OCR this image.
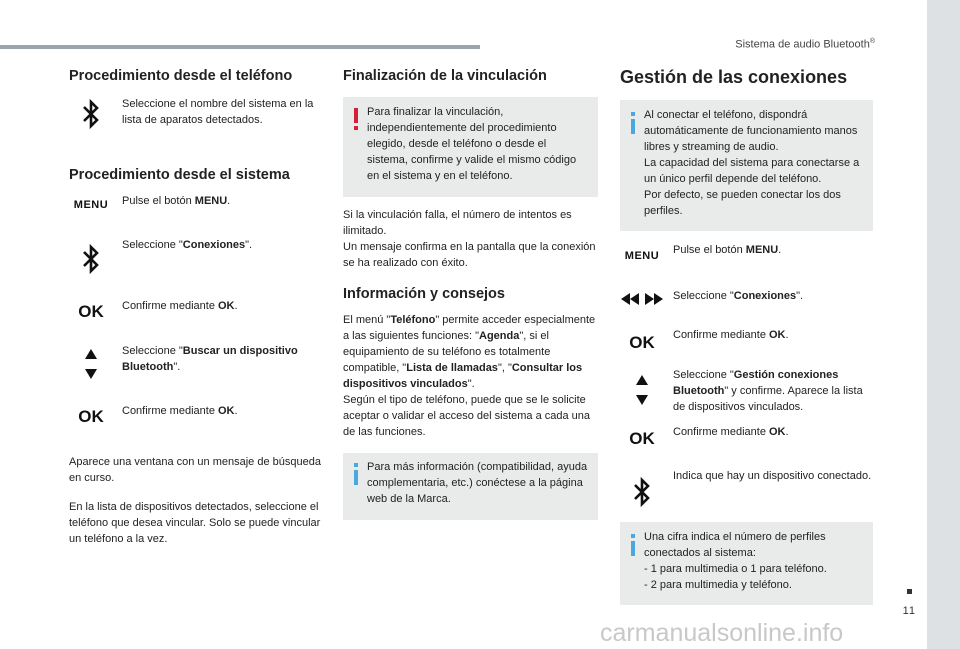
Sistema de audio Bluetooth®
11
carmanualsonline.info
Procedimiento desde el teléfono
Seleccione el nombre del sistema en la lista de aparatos detectados.
Procedimiento desde el sistema
MENU	Pulse el botón MENU.
Seleccione "Conexiones".
OK	Confirme mediante OK.
Seleccione "Buscar un dispositivo Bluetooth".
OK	Confirme mediante OK.
Aparece una ventana con un mensaje de búsqueda en curso.
En la lista de dispositivos detectados, seleccione el teléfono que desea vincular. Solo se puede vincular un teléfono a la vez.
Finalización de la vinculación
Para finalizar la vinculación, independientemente del procedimiento elegido, desde el teléfono o desde el sistema, confirme y valide el mismo código en el sistema y en el teléfono.
Si la vinculación falla, el número de intentos es ilimitado.
Un mensaje confirma en la pantalla que la conexión se ha realizado con éxito.
Información y consejos
El menú "Teléfono" permite acceder especialmente a las siguientes funciones: "Agenda", si el equipamiento de su teléfono es totalmente compatible, "Lista de llamadas", "Consultar los dispositivos vinculados".
Según el tipo de teléfono, puede que se le solicite aceptar o validar el acceso del sistema a cada una de las funciones.
Para más información (compatibilidad, ayuda complementaria, etc.) conéctese a la página web de la Marca.
Gestión de las conexiones
Al conectar el teléfono, dispondrá automáticamente de funcionamiento manos libres y streaming de audio.
La capacidad del sistema para conectarse a un único perfil depende del teléfono.
Por defecto, se pueden conectar los dos perfiles.
MENU	Pulse el botón MENU.
Seleccione "Conexiones".
OK	Confirme mediante OK.
Seleccione "Gestión conexiones Bluetooth" y confirme. Aparece la lista de dispositivos vinculados.
OK	Confirme mediante OK.
Indica que hay un dispositivo conectado.
Una cifra indica el número de perfiles conectados al sistema:
- 1 para multimedia o 1 para teléfono.
- 2 para multimedia y teléfono.
